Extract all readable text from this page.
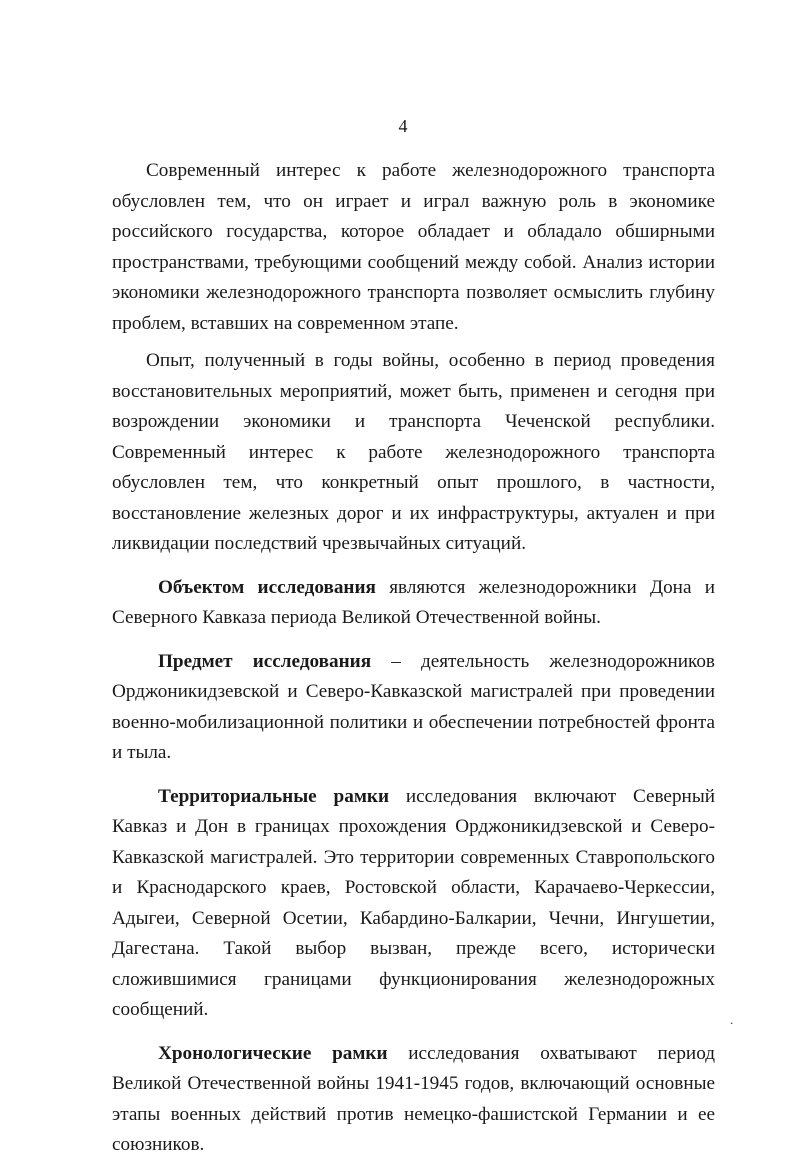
4

Современный интерес к работе железнодорожного транспорта обусловлен тем, что он играет и играл важную роль в экономике российского государства, которое обладает и обладало обширными пространствами, требующими сообщений между собой. Анализ истории экономики железнодорожного транспорта позволяет осмыслить глубину проблем, вставших на современном этапе.

Опыт, полученный в годы войны, особенно в период проведения восстановительных мероприятий, может быть, применен и сегодня при возрождении экономики и транспорта Чеченской республики. Современный интерес к работе железнодорожного транспорта обусловлен тем, что конкретный опыт прошлого, в частности, восстановление железных дорог и их инфраструктуры, актуален и при ликвидации последствий чрезвычайных ситуаций.

Объектом исследования являются железнодорожники Дона и Северного Кавказа периода Великой Отечественной войны.

Предмет исследования – деятельность железнодорожников Орджоникидзевской и Северо-Кавказской магистралей при проведении военно-мобилизационной политики и обеспечении потребностей фронта и тыла.

Территориальные рамки исследования включают Северный Кавказ и Дон в границах прохождения Орджоникидзевской и Северо-Кавказской магистралей. Это территории современных Ставропольского и Краснодарского краев, Ростовской области, Карачаево-Черкессии, Адыгеи, Северной Осетии, Кабардино-Балкарии, Чечни, Ингушетии, Дагестана. Такой выбор вызван, прежде всего, исторически сложившимися границами функционирования железнодорожных сообщений.

Хронологические рамки исследования охватывают период Великой Отечественной войны 1941-1945 годов, включающий основные этапы военных действий против немецко-фашистской Германии и ее союзников.

.
